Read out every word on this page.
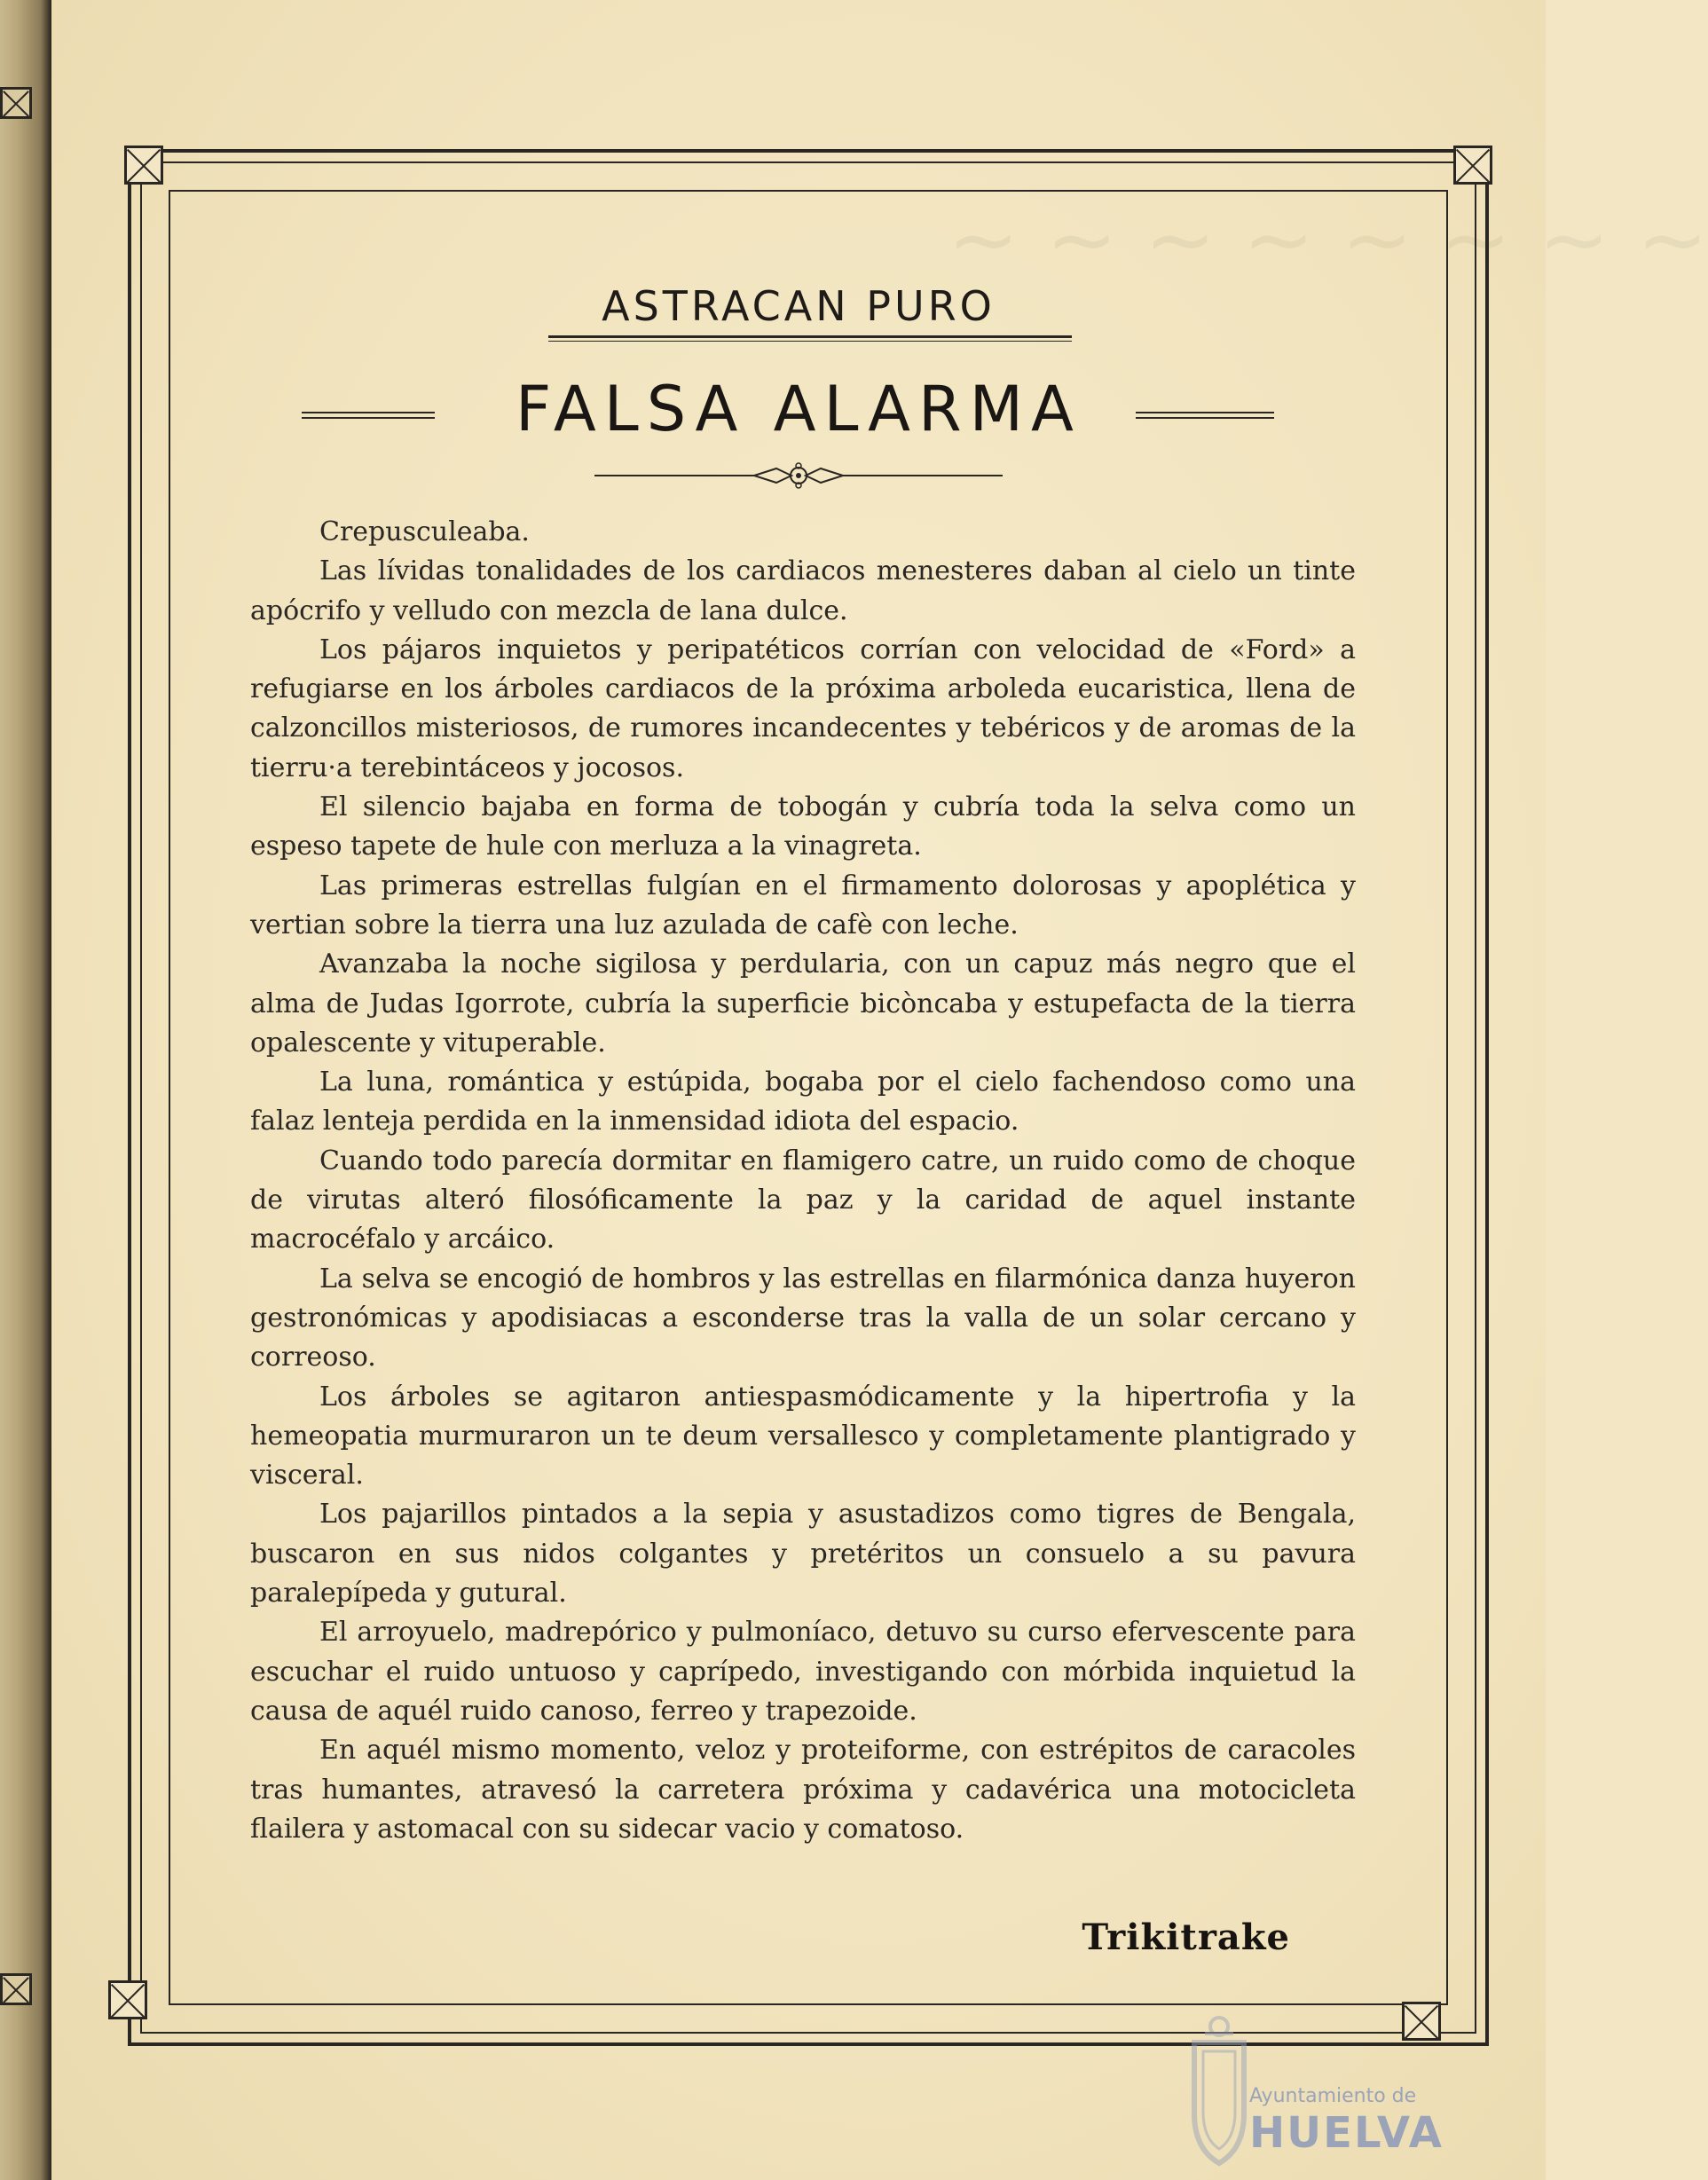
~ ~ ~ ~ ~ ~ ~ ~
ASTRACAN PURO
FALSA ALARMA

Crepusculeaba.

Las lívidas tonalidades de los cardiacos menesteres daban al cielo un tinte apócrifo y velludo con mezcla de lana dulce.

Los pájaros inquietos y peripatéticos corrían con velocidad de «Ford» a refugiarse en los árboles cardiacos de la próxima arboleda eucaristica, llena de calzoncillos misteriosos, de rumores incandecentes y tebéricos y de aromas de la tierru·a terebintáceos y jocosos.

El silencio bajaba en forma de tobogán y cubría toda la selva como un espeso tapete de hule con merluza a la vinagreta.

Las primeras estrellas fulgían en el firmamento dolorosas y apoplética y vertian sobre la tierra una luz azulada de cafè con leche.

Avanzaba la noche sigilosa y perdularia, con un capuz más negro que el alma de Judas Igorrote, cubría la superficie bicòncaba y estupefacta de la tierra opalescente y vituperable.

La luna, romántica y estúpida, bogaba por el cielo fachendoso como una falaz lenteja perdida en la inmensidad idiota del espacio.

Cuando todo parecía dormitar en flamigero catre, un ruido como de choque de virutas alteró filosóficamente la paz y la caridad de aquel instante macrocéfalo y arcáico.

La selva se encogió de hombros y las estrellas en filarmónica danza huyeron gestronómicas y apodisiacas a esconderse tras la valla de un solar cercano y correoso.

Los árboles se agitaron antiespasmódicamente y la hipertrofia y la hemeopatia murmuraron un te deum versallesco y completamente plantigrado y visceral.

Los pajarillos pintados a la sepia y asustadizos como tigres de Bengala, buscaron en sus nidos colgantes y pretéritos un consuelo a su pavura paralepípeda y gutural.

El arroyuelo, madrepórico y pulmoníaco, detuvo su curso efervescente para escuchar el ruido untuoso y caprípedo, investigando con mórbida inquietud la causa de aquél ruido canoso, ferreo y trapezoide.

En aquél mismo momento, veloz y proteiforme, con estrépitos de caracoles tras humantes, atravesó la carretera próxima y cadavérica una motocicleta flailera y astomacal con su sidecar vacio y comatoso.

Trikitrake
Ayuntamiento de
HUELVA
